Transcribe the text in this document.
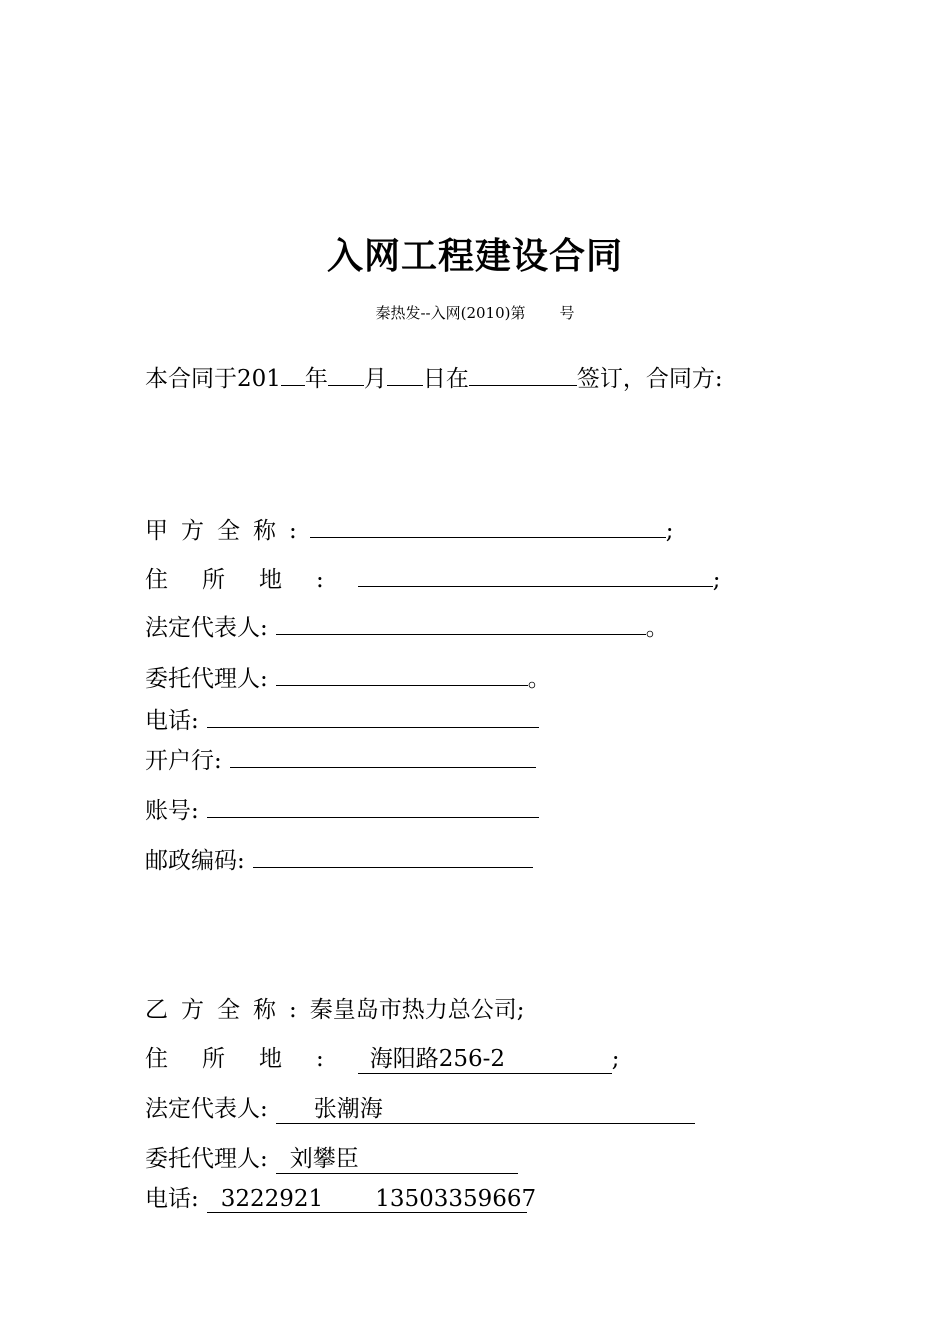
入网工程建设合同
秦热发--入网(2010)第 号
本合同于201 年 月 日在	签订，合同方:
甲方全称:	;
住所地:	;
法定代表人:	。
委托代理人:	。
电话:
开户行:
账号:
邮政编码:
乙方全称:秦皇岛市热力总公司;
住所地: 海阳路256-2	;
法定代表人: 张潮海
委托代理人: 刘攀臣
电话: 3222921 13503359667
